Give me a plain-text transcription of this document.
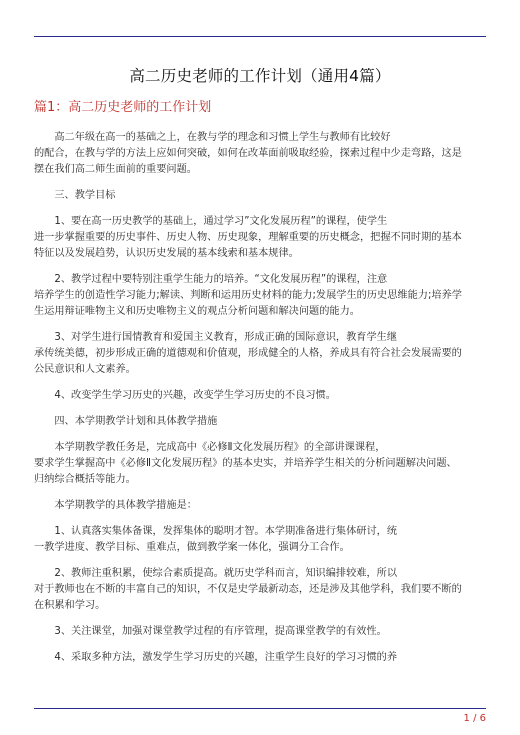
高二历史老师的工作计划（通用4篇）
篇1：高二历史老师的工作计划

　　高二年级在高一的基础之上，在教与学的理念和习惯上学生与教师有比较好
的配合，在教与学的方法上应如何突破，如何在改革面前吸取经验，探索过程中少走弯路，这是
摆在我们高二师生面前的重要问题。

　　三、教学目标

　　1、要在高一历史教学的基础上，通过学习”文化发展历程”的课程，使学生
进一步掌握重要的历史事件、历史人物、历史现象，理解重要的历史概念，把握不同时期的基本
特征以及发展趋势，认识历史发展的基本线索和基本规律。

　　2、教学过程中要特别注重学生能力的培养。“文化发展历程”的课程，注意
培养学生的创造性学习能力;解读、判断和运用历史材料的能力;发展学生的历史思维能力;培养学
生运用辩证唯物主义和历史唯物主义的观点分析问题和解决问题的能力。

　　3、对学生进行国情教育和爱国主义教育，形成正确的国际意识，教育学生继
承传统美德，初步形成正确的道德观和价值观，形成健全的人格，养成具有符合社会发展需要的
公民意识和人文素养。

　　4、改变学生学习历史的兴趣，改变学生学习历史的不良习惯。

　　四、本学期教学计划和具体教学措施

　　本学期教学教任务是，完成高中《必修Ⅱ文化发展历程》的全部讲课课程，
要求学生掌握高中《必修Ⅱ文化发展历程》的基本史实，并培养学生相关的分析问题解决问题、
归纳综合概括等能力。

　　本学期教学的具体教学措施是：

　　1、认真落实集体备课，发挥集体的聪明才智。本学期准备进行集体研讨，统
一教学进度、教学目标、重难点，做到教学案一体化，强调分工合作。

　　2、教师注重积累，使综合素质提高。就历史学科而言，知识编排较难，所以
对于教师也在不断的丰富自己的知识，不仅是史学最新动态，还是涉及其他学科，我们要不断的
在积累和学习。

　　3、关注课堂，加强对课堂教学过程的有序管理，提高课堂教学的有效性。

　　4、采取多种方法，激发学生学习历史的兴趣，注重学生良好的学习习惯的养

1 / 6
